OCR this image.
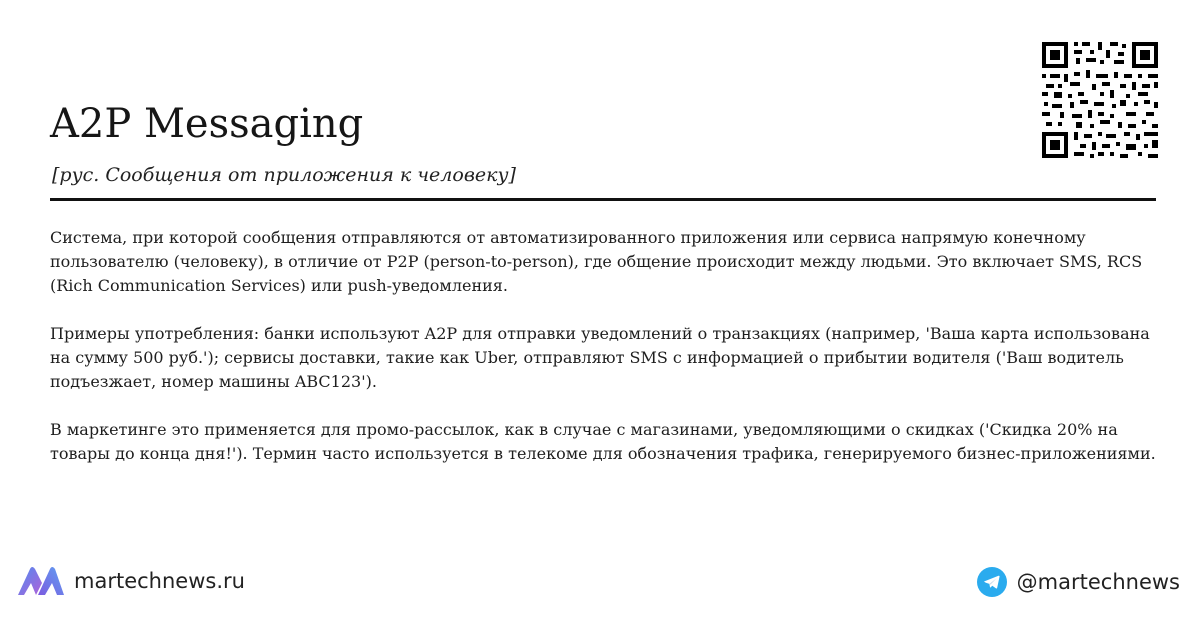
A2P Messaging
[рус. Сообщения от приложения к человеку]

Система, при которой сообщения отправляются от автоматизированного приложения или сервиса напрямую конечному пользователю (человеку), в отличие от P2P (person-to-person), где общение происходит между людьми. Это включает SMS, RCS (Rich Communication Services) или push-уведомления.

Примеры употребления: банки используют A2P для отправки уведомлений о транзакциях (например, 'Ваша карта использована на сумму 500 руб.'); сервисы доставки, такие как Uber, отправляют SMS с информацией о прибытии водителя ('Ваш водитель подъезжает, номер машины ABC123').

В маркетинге это применяется для промо-рассылок, как в случае с магазинами, уведомляющими о скидках ('Скидка 20% на товары до конца дня!'). Термин часто используется в телекоме для обозначения трафика, генерируемого бизнес-приложениями.

martechnews.ru	@martechnews
